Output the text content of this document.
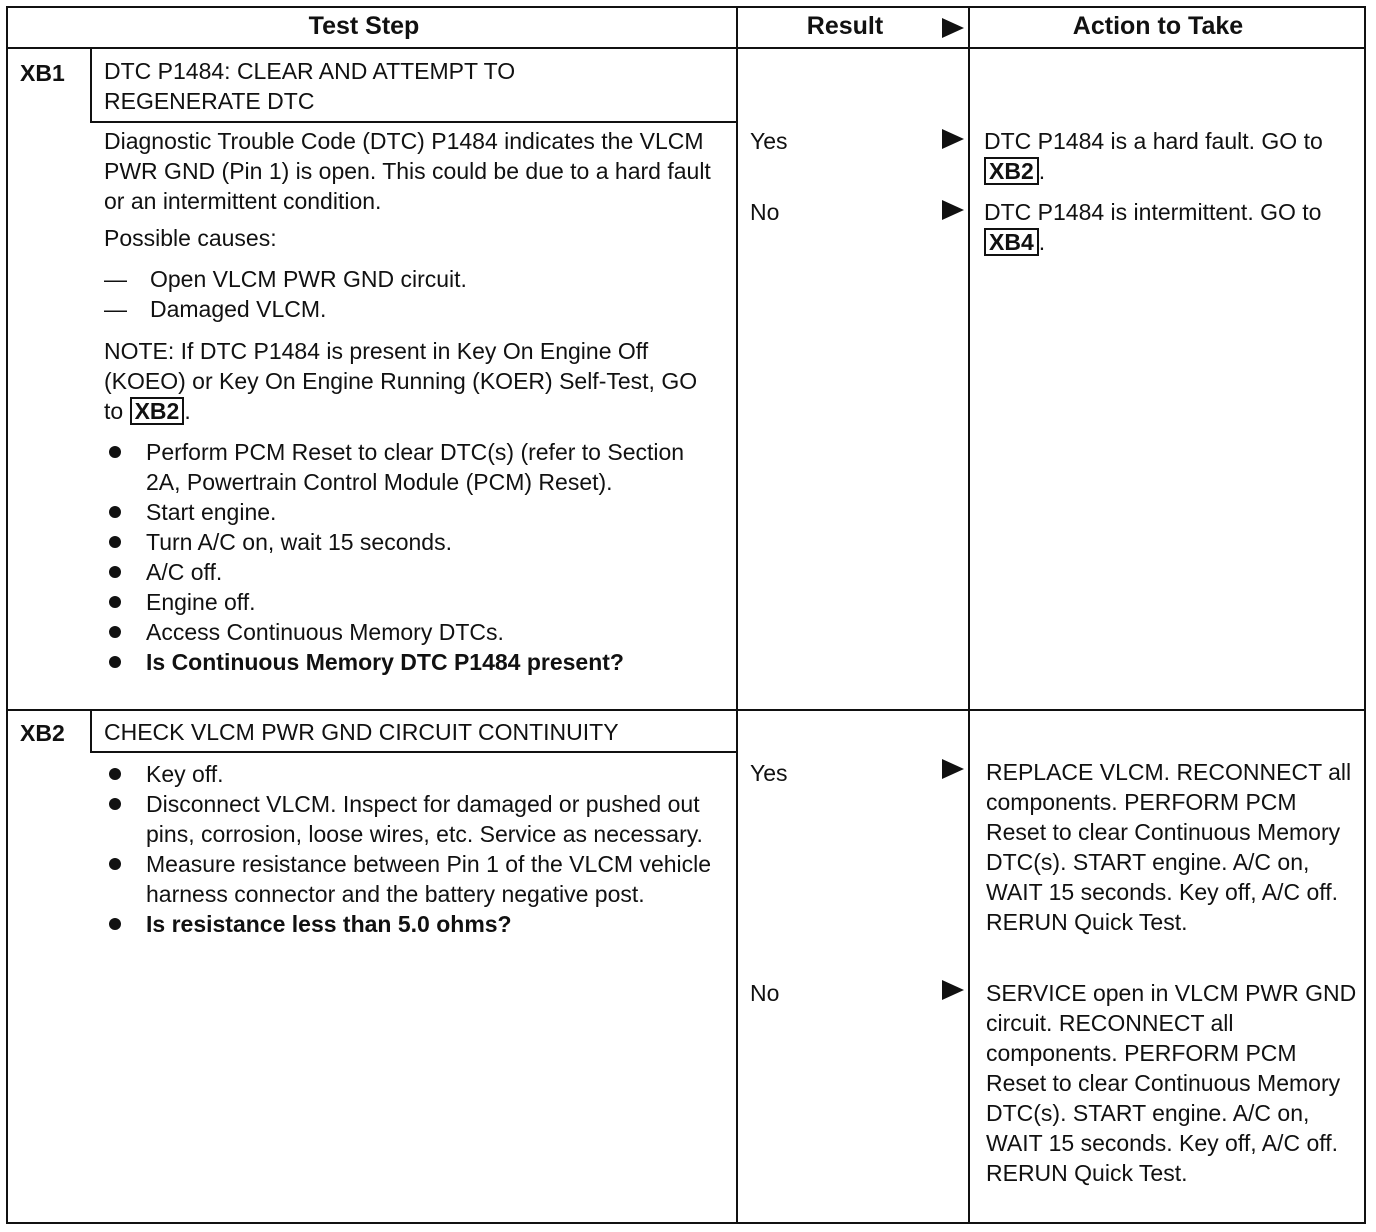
Test Step	Result	Action to Take
XB1 DTC P1484: CLEAR AND ATTEMPT TO
REGENERATE DTC
Diagnostic Trouble Code (DTC) P1484 indicates the VLCM PWR GND (Pin 1) is open. This could be due to a hard fault or an intermittent condition.
Possible causes:
— Open VLCM PWR GND circuit.
— Damaged VLCM.
NOTE: If DTC P1484 is present in Key On Engine Off (KOEO) or Key On Engine Running (KOER) Self-Test, GO to XB2 .
Perform PCM Reset to clear DTC(s) (refer to Section 2A, Powertrain Control Module (PCM) Reset).
Start engine.
Turn A/C on, wait 15 seconds.
A/C off.
Engine off.
Access Continuous Memory DTCs.
Is Continuous Memory DTC P1484 present?
Yes	DTC P1484 is a hard fault. GO to XB2 .
No	DTC P1484 is intermittent. GO to XB4 .
XB2 CHECK VLCM PWR GND CIRCUIT CONTINUITY
Key off.
Disconnect VLCM. Inspect for damaged or pushed out pins, corrosion, loose wires, etc. Service as necessary.
Measure resistance between Pin 1 of the VLCM vehicle harness connector and the battery negative post.
Is resistance less than 5.0 ohms?
Yes	REPLACE VLCM. RECONNECT all components. PERFORM PCM Reset to clear Continuous Memory DTC(s). START engine. A/C on, WAIT 15 seconds. Key off, A/C off. RERUN Quick Test.
No	SERVICE open in VLCM PWR GND circuit. RECONNECT all components. PERFORM PCM Reset to clear Continuous Memory DTC(s). START engine. A/C on, WAIT 15 seconds. Key off, A/C off. RERUN Quick Test.
